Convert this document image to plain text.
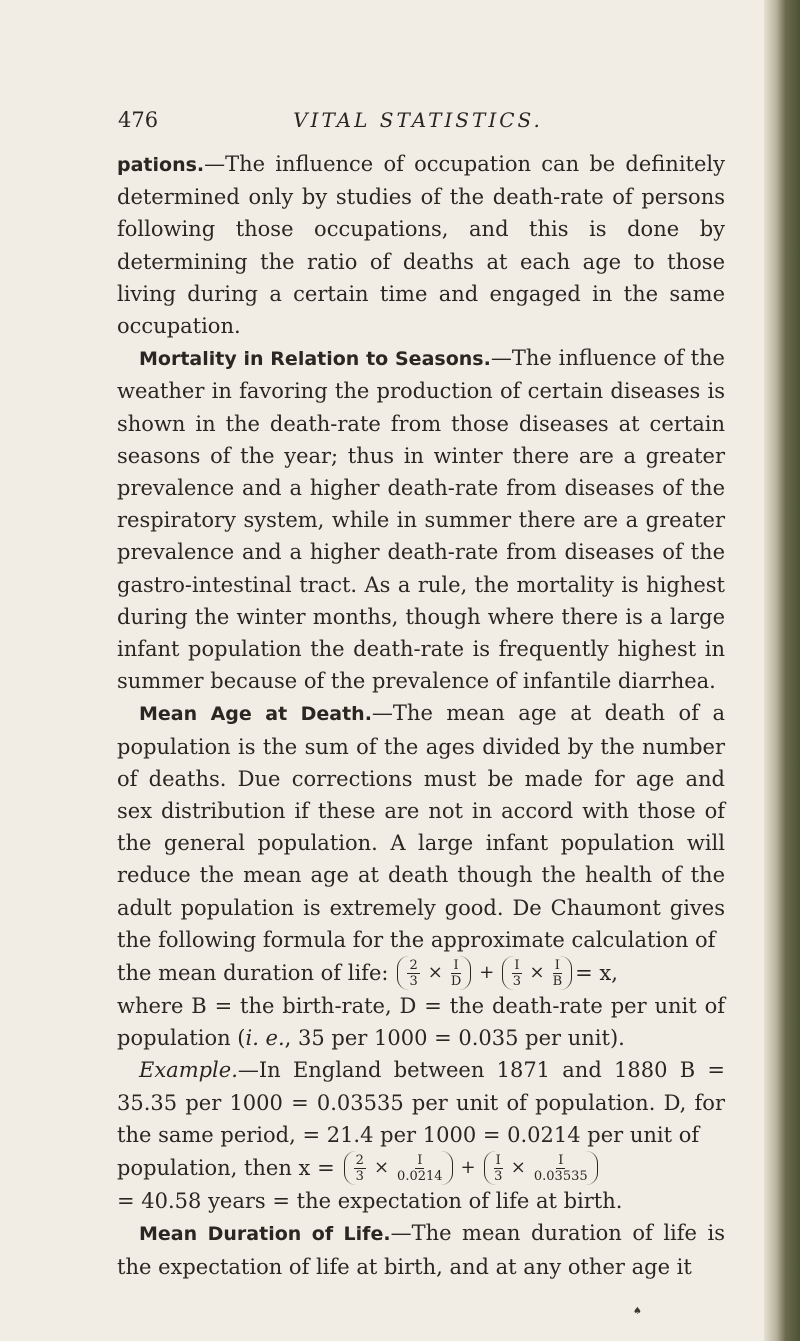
476	VITAL STATISTICS.

pations.—The influence of occupation can be definitely determined only by studies of the death-rate of persons following those occupations, and this is done by determining the ratio of deaths at each age to those living during a certain time and engaged in the same occupation.

Mortality in Relation to Seasons.—The influence of the weather in favoring the production of certain diseases is shown in the death-rate from those diseases at certain seasons of the year; thus in winter there are a greater prevalence and a higher death-rate from diseases of the respiratory system, while in summer there are a greater prevalence and a higher death-rate from diseases of the gastro-intestinal tract. As a rule, the mortality is highest during the winter months, though where there is a large infant population the death-rate is frequently highest in summer because of the prevalence of infantile diarrhea.

Mean Age at Death.—The mean age at death of a population is the sum of the ages divided by the number of deaths. Due corrections must be made for age and sex distribution if these are not in accord with those of the general population. A large infant population will reduce the mean age at death though the health of the adult population is extremely good. De Chaumont gives the following formula for the approximate calculation of

the mean duration of life: $\frac{2}{3} \times \frac{I}{D} + \frac{I}{3} \times \frac{I}{B} = x$,

where B = the birth-rate, D = the death-rate per unit of population (i. e., 35 per 1000 = 0.035 per unit).

Example.—In England between 1871 and 1880 B = 35.35 per 1000 = 0.03535 per unit of population. D, for the same period, = 21.4 per 1000 = 0.0214 per unit of

population, then $x = \frac{2}{3} \times \frac{I}{0.0214} + \frac{I}{3} \times \frac{I}{0.03535}$

= 40.58 years = the expectation of life at birth.

Mean Duration of Life.—The mean duration of life is the expectation of life at birth, and at any other age it

♠
